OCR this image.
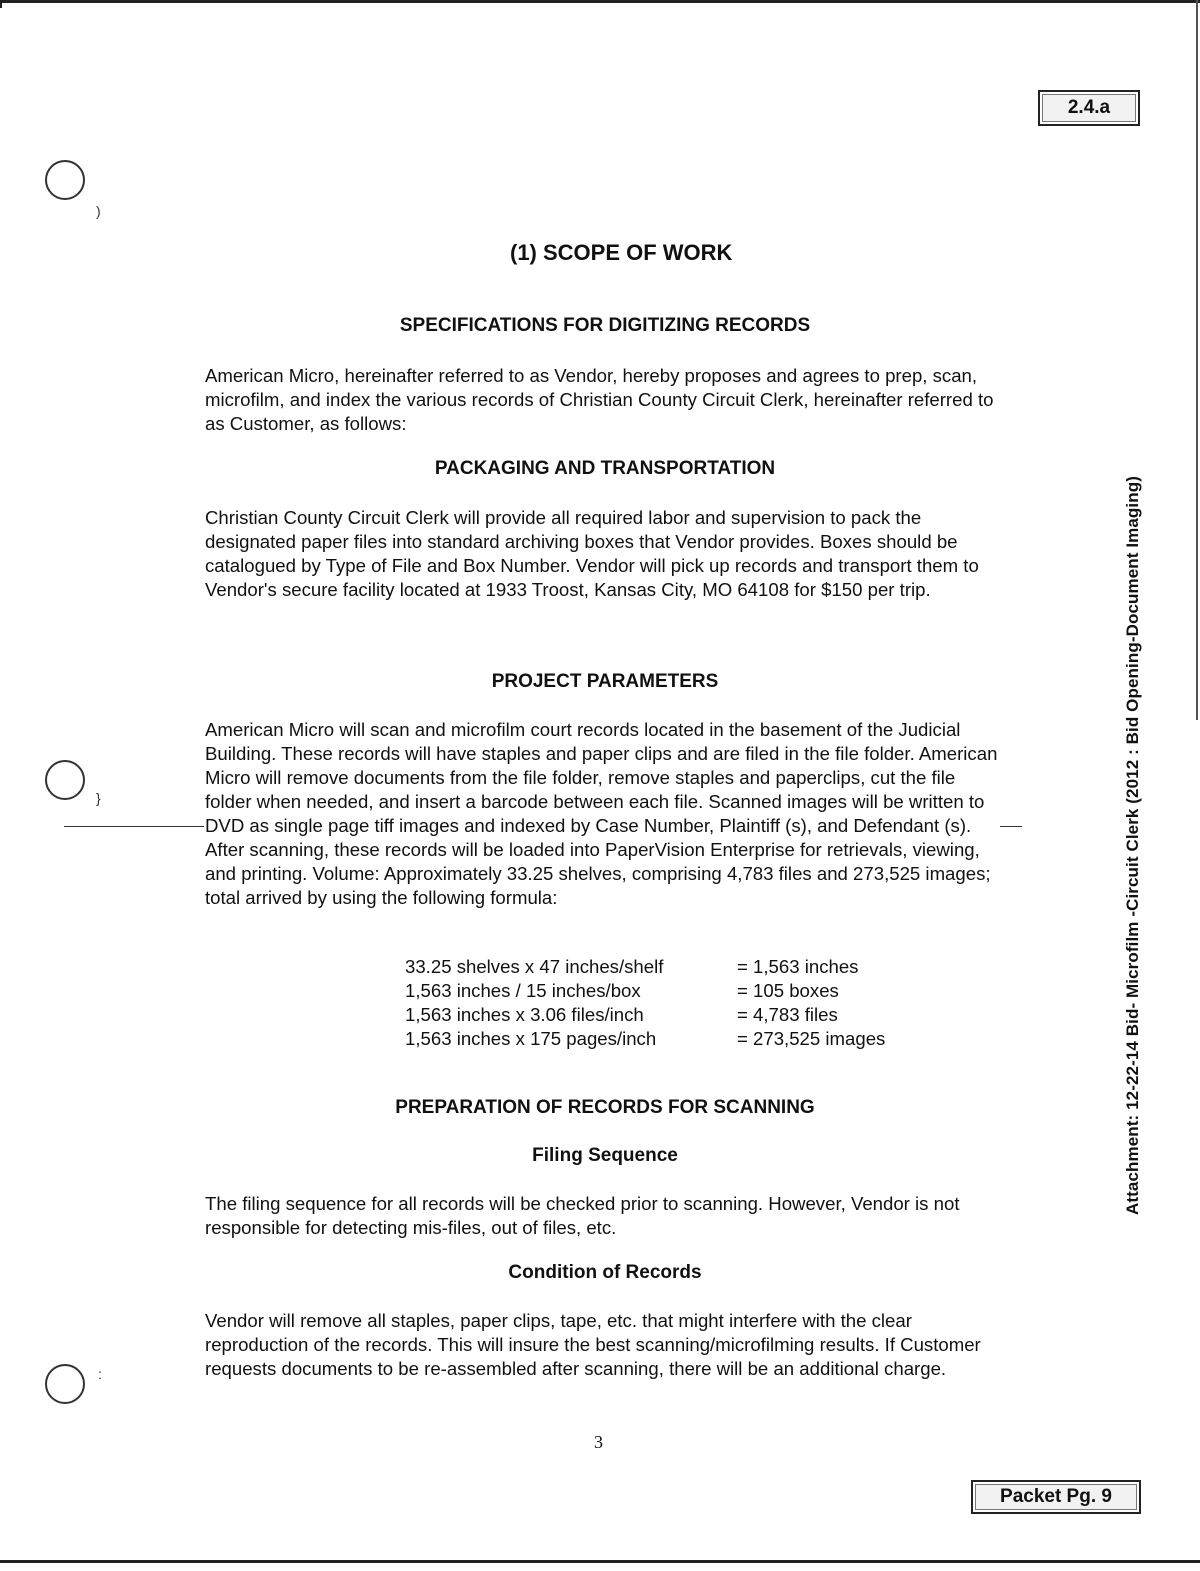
2.4.a
)
}
:
(1) SCOPE OF WORK
SPECIFICATIONS FOR DIGITIZING RECORDS

American Micro, hereinafter referred to as Vendor, hereby proposes and agrees to prep, scan, microfilm, and index the various records of Christian County Circuit Clerk, hereinafter referred to as Customer, as follows:

PACKAGING AND TRANSPORTATION

Christian County Circuit Clerk will provide all required labor and supervision to pack the designated paper files into standard archiving boxes that Vendor provides. Boxes should be catalogued by Type of File and Box Number. Vendor will pick up records and transport them to Vendor's secure facility located at 1933 Troost, Kansas City, MO 64108 for $150 per trip.

PROJECT PARAMETERS

American Micro will scan and microfilm court records located in the basement of the Judicial Building. These records will have staples and paper clips and are filed in the file folder. American Micro will remove documents from the file folder, remove staples and paperclips, cut the file folder when needed, and insert a barcode between each file. Scanned images will be written to DVD as single page tiff images and indexed by Case Number, Plaintiff (s), and Defendant (s). After scanning, these records will be loaded into PaperVision Enterprise for retrievals, viewing, and printing. Volume: Approximately 33.25 shelves, comprising 4,783 files and 273,525 images; total arrived by using the following formula:

33.25 shelves x 47 inches/shelf	= 1,563 inches
1,563 inches / 15 inches/box	= 105 boxes
1,563 inches x 3.06 files/inch	= 4,783 files
1,563 inches x 175 pages/inch	= 273,525 images
PREPARATION OF RECORDS FOR SCANNING
Filing Sequence

The filing sequence for all records will be checked prior to scanning. However, Vendor is not responsible for detecting mis-files, out of files, etc.

Condition of Records

Vendor will remove all staples, paper clips, tape, etc. that might interfere with the clear reproduction of the records. This will insure the best scanning/microfilming results. If Customer requests documents to be re-assembled after scanning, there will be an additional charge.

3
Packet Pg. 9
Attachment: 12-22-14 Bid- Microfilm -Circuit Clerk (2012 : Bid Opening-Document Imaging)
